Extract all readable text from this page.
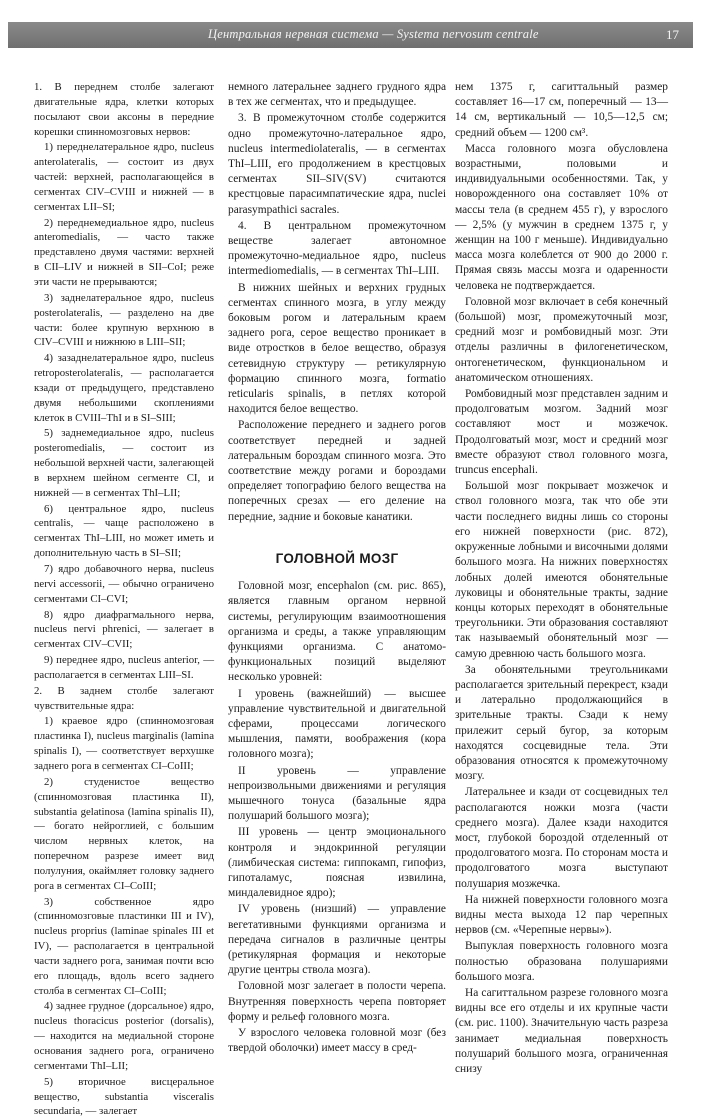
Центральная нервная система — Systema nervosum centrale	17

1. В переднем столбе залегают двигательные ядра, клетки которых посылают свои аксоны в передние корешки спинномозговых нервов:

1) переднелатеральное ядро, nucleus anterolateralis, — состоит из двух частей: верхней, располагающейся в сегментах CIV–CVIII и нижней — в сегментах LII–SI;

2) переднемедиальное ядро, nucleus anteromedialis, — часто также представлено двумя частями: верхней в CII–LIV и нижней в SII–CoI; реже эти части не прерываются;

3) заднелатеральное ядро, nucleus posterolateralis, — разделено на две части: более крупную верхнюю в CIV–CVIII и нижнюю в LIII–SII;

4) зазаднелатеральное ядро, nucleus retroposterolateralis, — располагается кзади от предыдущего, представлено двумя небольшими скоплениями клеток в CVIII–ThI и в SI–SIII;

5) заднемедиальное ядро, nucleus posteromedialis, — состоит из небольшой верхней части, залегающей в верхнем шейном сегменте CI, и нижней — в сегментах ThI–LII;

6) центральное ядро, nucleus centralis, — чаще расположено в сегментах ThI–LIII, но может иметь и дополнительную часть в SI–SII;

7) ядро добавочного нерва, nucleus nervi accessorii, — обычно ограничено сегментами CI–CVI;

8) ядро диафрагмального нерва, nucleus nervi phrenici, — залегает в сегментах CIV–CVII;

9) переднее ядро, nucleus anterior, — располагается в сегментах LIII–SI.

2. В заднем столбе залегают чувствительные ядра:

1) краевое ядро (спинномозговая пластинка I), nucleus marginalis (lamina spinalis I), — соответствует верхушке заднего рога в сегментах CI–CoIII;

2) студенистое вещество (спинномозговая пластинка II), substantia gelatinosa (lamina spinalis II), — богато нейроглией, с большим числом нервных клеток, на поперечном разрезе имеет вид полулуния, окаймляет головку заднего рога в сегментах CI–CoIII;

3) собственное ядро (спинномозговые пластинки III и IV), nucleus proprius (laminae spinales III et IV), — располагается в центральной части заднего рога, занимая почти всю его площадь, вдоль всего заднего столба в сегментах CI–CoIII;

4) заднее грудное (дорсальное) ядро, nucleus thoracicus posterior (dorsalis), — находится на медиальной стороне основания заднего рога, ограничено сегментами ThI–LII;

5) вторичное висцеральное вещество, substantia visceralis secundaria, — залегает

немного латеральнее заднего грудного ядра в тех же сегментах, что и предыдущее.

3. В промежуточном столбе содержится одно промежуточно-латеральное ядро, nucleus intermediolateralis, — в сегментах ThI–LIII, его продолжением в крестцовых сегментах SII–SIV(SV) считаются крестцовые парасимпатические ядра, nuclei parasympathici sacrales.

4. В центральном промежуточном веществе залегает автономное промежуточно-медиальное ядро, nucleus intermediomedialis, — в сегментах ThI–LIII.

В нижних шейных и верхних грудных сегментах спинного мозга, в углу между боковым рогом и латеральным краем заднего рога, серое вещество проникает в виде отростков в белое вещество, образуя сетевидную структуру — ретикулярную формацию спинного мозга, formatio reticularis spinalis, в петлях которой находится белое вещество.

Расположение переднего и заднего рогов соответствует передней и задней латеральным бороздам спинного мозга. Это соответствие между рогами и бороздами определяет топографию белого вещества на поперечных срезах — его деление на передние, задние и боковые канатики.

ГОЛОВНОЙ МОЗГ

Головной мозг, encephalon (см. рис. 865), является главным органом нервной системы, регулирующим взаимоотношения организма и среды, а также управляющим функциями организма. С анатомо-функциональных позиций выделяют несколько уровней:

I уровень (важнейший) — высшее управление чувствительной и двигательной сферами, процессами логического мышления, памяти, воображения (кора головного мозга);

II уровень — управление непроизвольными движениями и регуляция мышечного тонуса (базальные ядра полушарий большого мозга);

III уровень — центр эмоционального контроля и эндокринной регуляции (лимбическая система: гиппокамп, гипофиз, гипоталамус, поясная извилина, миндалевидное ядро);

IV уровень (низший) — управление вегетативными функциями организма и передача сигналов в различные центры (ретикулярная формация и некоторые другие центры ствола мозга).

Головной мозг залегает в полости черепа. Внутренняя поверхность черепа повторяет форму и рельеф головного мозга.

У взрослого человека головной мозг (без твердой оболочки) имеет массу в сред-

нем 1375 г, сагиттальный размер составляет 16—17 см, поперечный — 13—14 см, вертикальный — 10,5—12,5 см; средний объем — 1200 см³.

Масса головного мозга обусловлена возрастными, половыми и индивидуальными особенностями. Так, у новорожденного она составляет 10% от массы тела (в среднем 455 г), у взрослого — 2,5% (у мужчин в среднем 1375 г, у женщин на 100 г меньше). Индивидуально масса мозга колеблется от 900 до 2000 г. Прямая связь массы мозга и одаренности человека не подтверждается.

Головной мозг включает в себя конечный (большой) мозг, промежуточный мозг, средний мозг и ромбовидный мозг. Эти отделы различны в филогенетическом, онтогенетическом, функциональном и анатомическом отношениях.

Ромбовидный мозг представлен задним и продолговатым мозгом. Задний мозг составляют мост и мозжечок. Продолговатый мозг, мост и средний мозг вместе образуют ствол головного мозга, truncus encephali.

Большой мозг покрывает мозжечок и ствол головного мозга, так что обе эти части последнего видны лишь со стороны его нижней поверхности (рис. 872), окруженные лобными и височными долями большого мозга. На нижних поверхностях лобных долей имеются обонятельные луковицы и обонятельные тракты, задние концы которых переходят в обонятельные треугольники. Эти образования составляют так называемый обонятельный мозг — самую древнюю часть большого мозга.

За обонятельными треугольниками располагается зрительный перекрест, кзади и латерально продолжающийся в зрительные тракты. Сзади к нему прилежит серый бугор, за которым находятся сосцевидные тела. Эти образования относятся к промежуточному мозгу.

Латеральнее и кзади от сосцевидных тел располагаются ножки мозга (части среднего мозга). Далее кзади находится мост, глубокой бороздой отделенный от продолговатого мозга. По сторонам моста и продолговатого мозга выступают полушария мозжечка.

На нижней поверхности головного мозга видны места выхода 12 пар черепных нервов (см. «Черепные нервы»).

Выпуклая поверхность головного мозга полностью образована полушариями большого мозга.

На сагиттальном разрезе головного мозга видны все его отделы и их крупные части (см. рис. 1100). Значительную часть разреза занимает медиальная поверхность полушарий большого мозга, ограниченная снизу
